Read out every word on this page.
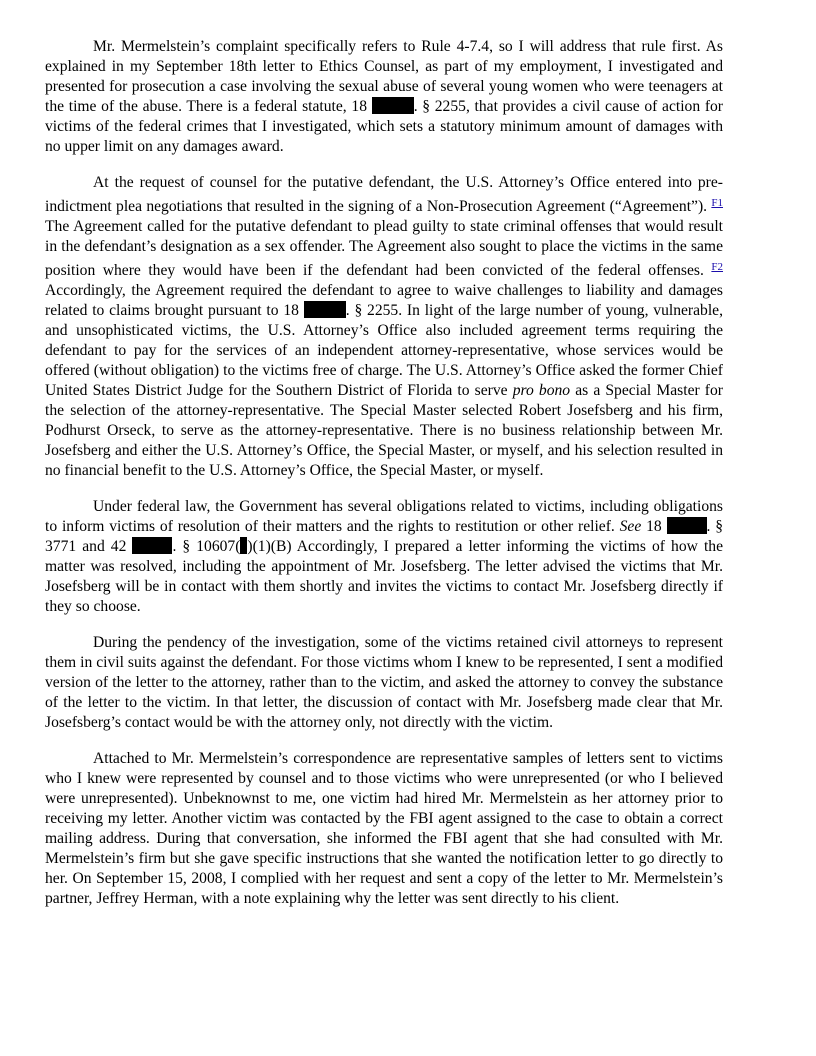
Mr. Mermelstein’s complaint specifically refers to Rule 4-7.4, so I will address that rule first. As explained in my September 18th letter to Ethics Counsel, as part of my employment, I investigated and presented for prosecution a case involving the sexual abuse of several young women who were teenagers at the time of the abuse. There is a federal statute, 18	. § 2255, that provides a civil cause of action for victims of the federal crimes that I investigated, which sets a statutory minimum amount of damages with no upper limit on any damages award.

At the request of counsel for the putative defendant, the U.S. Attorney’s Office entered into pre-indictment plea negotiations that resulted in the signing of a Non-Prosecution Agreement (“Agreement”). $^{F1}$ The Agreement called for the putative defendant to plead guilty to state criminal offenses that would result in the defendant’s designation as a sex offender. The Agreement also sought to place the victims in the same position where they would have been if the defendant had been convicted of the federal offenses. $^{F2}$ Accordingly, the Agreement required the defendant to agree to waive challenges to liability and damages related to claims brought pursuant to 18	. § 2255. In light of the large number of young, vulnerable, and unsophisticated victims, the U.S. Attorney’s Office also included agreement terms requiring the defendant to pay for the services of an independent attorney-representative, whose services would be offered (without obligation) to the victims free of charge. The U.S. Attorney’s Office asked the former Chief United States District Judge for the Southern District of Florida to serve pro bono as a Special Master for the selection of the attorney-representative. The Special Master selected Robert Josefsberg and his firm, Podhurst Orseck, to serve as the attorney-representative. There is no business relationship between Mr. Josefsberg and either the U.S. Attorney’s Office, the Special Master, or myself, and his selection resulted in no financial benefit to the U.S. Attorney’s Office, the Special Master, or myself.

Under federal law, the Government has several obligations related to victims, including obligations to inform victims of resolution of their matters and the rights to restitution or other relief. See 18	. § 3771 and 42	. § 10607( )(1)(B) Accordingly, I prepared a letter informing the victims of how the matter was resolved, including the appointment of Mr. Josefsberg. The letter advised the victims that Mr. Josefsberg will be in contact with them shortly and invites the victims to contact Mr. Josefsberg directly if they so choose.

During the pendency of the investigation, some of the victims retained civil attorneys to represent them in civil suits against the defendant. For those victims whom I knew to be represented, I sent a modified version of the letter to the attorney, rather than to the victim, and asked the attorney to convey the substance of the letter to the victim. In that letter, the discussion of contact with Mr. Josefsberg made clear that Mr. Josefsberg’s contact would be with the attorney only, not directly with the victim.

Attached to Mr. Mermelstein’s correspondence are representative samples of letters sent to victims who I knew were represented by counsel and to those victims who were unrepresented (or who I believed were unrepresented). Unbeknownst to me, one victim had hired Mr. Mermelstein as her attorney prior to receiving my letter. Another victim was contacted by the FBI agent assigned to the case to obtain a correct mailing address. During that conversation, she informed the FBI agent that she had consulted with Mr. Mermelstein’s firm but she gave specific instructions that she wanted the notification letter to go directly to her. On September 15, 2008, I complied with her request and sent a copy of the letter to Mr. Mermelstein’s partner, Jeffrey Herman, with a note explaining why the letter was sent directly to his client.
